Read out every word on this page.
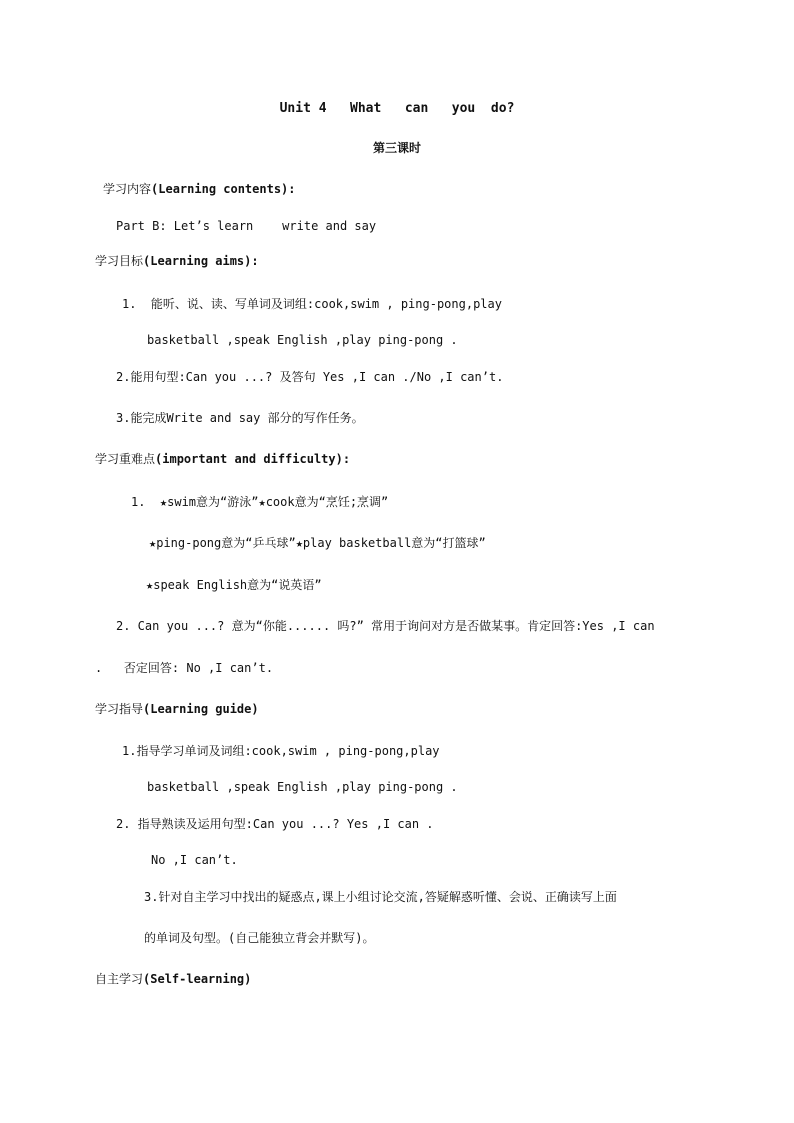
Unit 4   What   can   you  do?
第三课时
学习内容(Learning contents):
Part B: Let’s learn    write and say
学习目标(Learning aims):
1.  能听、说、读、写单词及词组:cook,swim , ping-pong,play
basketball ,speak English ,play ping-pong .
2.能用句型:Can you ...? 及答句 Yes ,I can ./No ,I can’t.
3.能完成Write and say 部分的写作任务。
学习重难点(important and difficulty):
1.  ★swim意为“游泳”★cook意为“烹饪;烹调”
★ping-pong意为“乒乓球”★play basketball意为“打篮球”
★speak English意为“说英语”
2. Can you ...? 意为“你能...... 吗?” 常用于询问对方是否做某事。肯定回答:Yes ,I can
.   否定回答: No ,I can’t.
学习指导(Learning guide)
1.指导学习单词及词组:cook,swim , ping-pong,play
basketball ,speak English ,play ping-pong .
2. 指导熟读及运用句型:Can you ...? Yes ,I can .
No ,I can’t.
3.针对自主学习中找出的疑惑点,课上小组讨论交流,答疑解惑听懂、会说、正确读写上面
的单词及句型。(自己能独立背会并默写)。
自主学习(Self-learning)
